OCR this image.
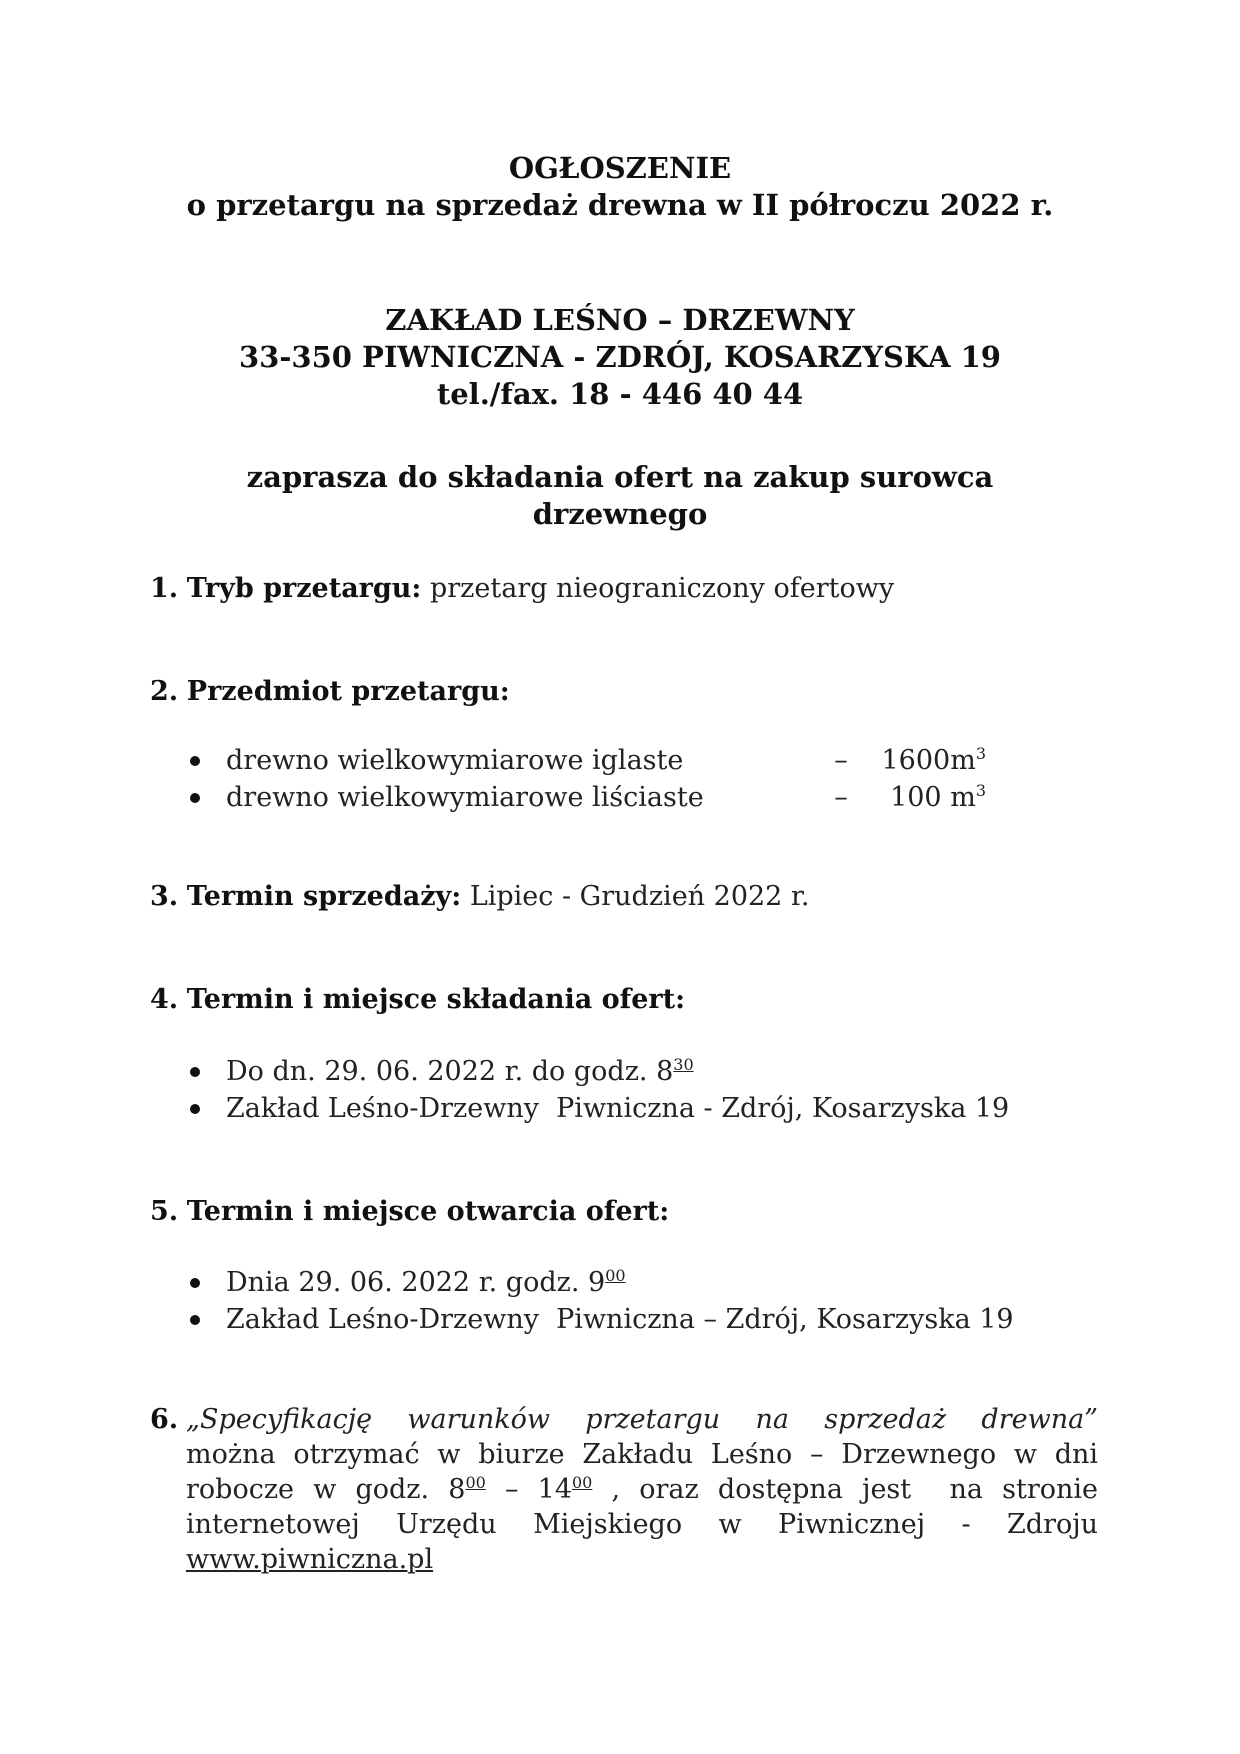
OGŁOSZENIE
o przetargu na sprzedaż drewna w II półroczu 2022 r.
ZAKŁAD LEŚNO – DRZEWNY
33-350 PIWNICZNA - ZDRÓJ, KOSARZYSKA 19
tel./fax. 18 - 446 40 44
zaprasza do składania ofert na zakup surowca
drzewnego
1. Tryb przetargu: przetarg nieograniczony ofertowy
2. Przedmiot przetargu:
drewno wielkowymiarowe iglaste	–	$1600m^3$
drewno wielkowymiarowe liściaste	–	100 $m^3$
3. Termin sprzedaży: Lipiec - Grudzień 2022 r.
4. Termin i miejsce składania ofert:
Do dn. 29. 06. 2022 r. do godz. $8^{30}$
Zakład Leśno-Drzewny  Piwniczna - Zdrój, Kosarzyska 19
5. Termin i miejsce otwarcia ofert:
Dnia 29. 06. 2022 r. godz. $9^{00}$
Zakład Leśno-Drzewny  Piwniczna – Zdrój, Kosarzyska 19
6. „Specyfikację warunków przetargu na sprzedaż drewna”
można otrzymać w biurze Zakładu Leśno – Drzewnego w dni
robocze w godz. $8^{00} - 14^{00}$ , oraz dostępna jest  na stronie
internetowej Urzędu Miejskiego w Piwnicznej - Zdroju
www.piwniczna.pl
